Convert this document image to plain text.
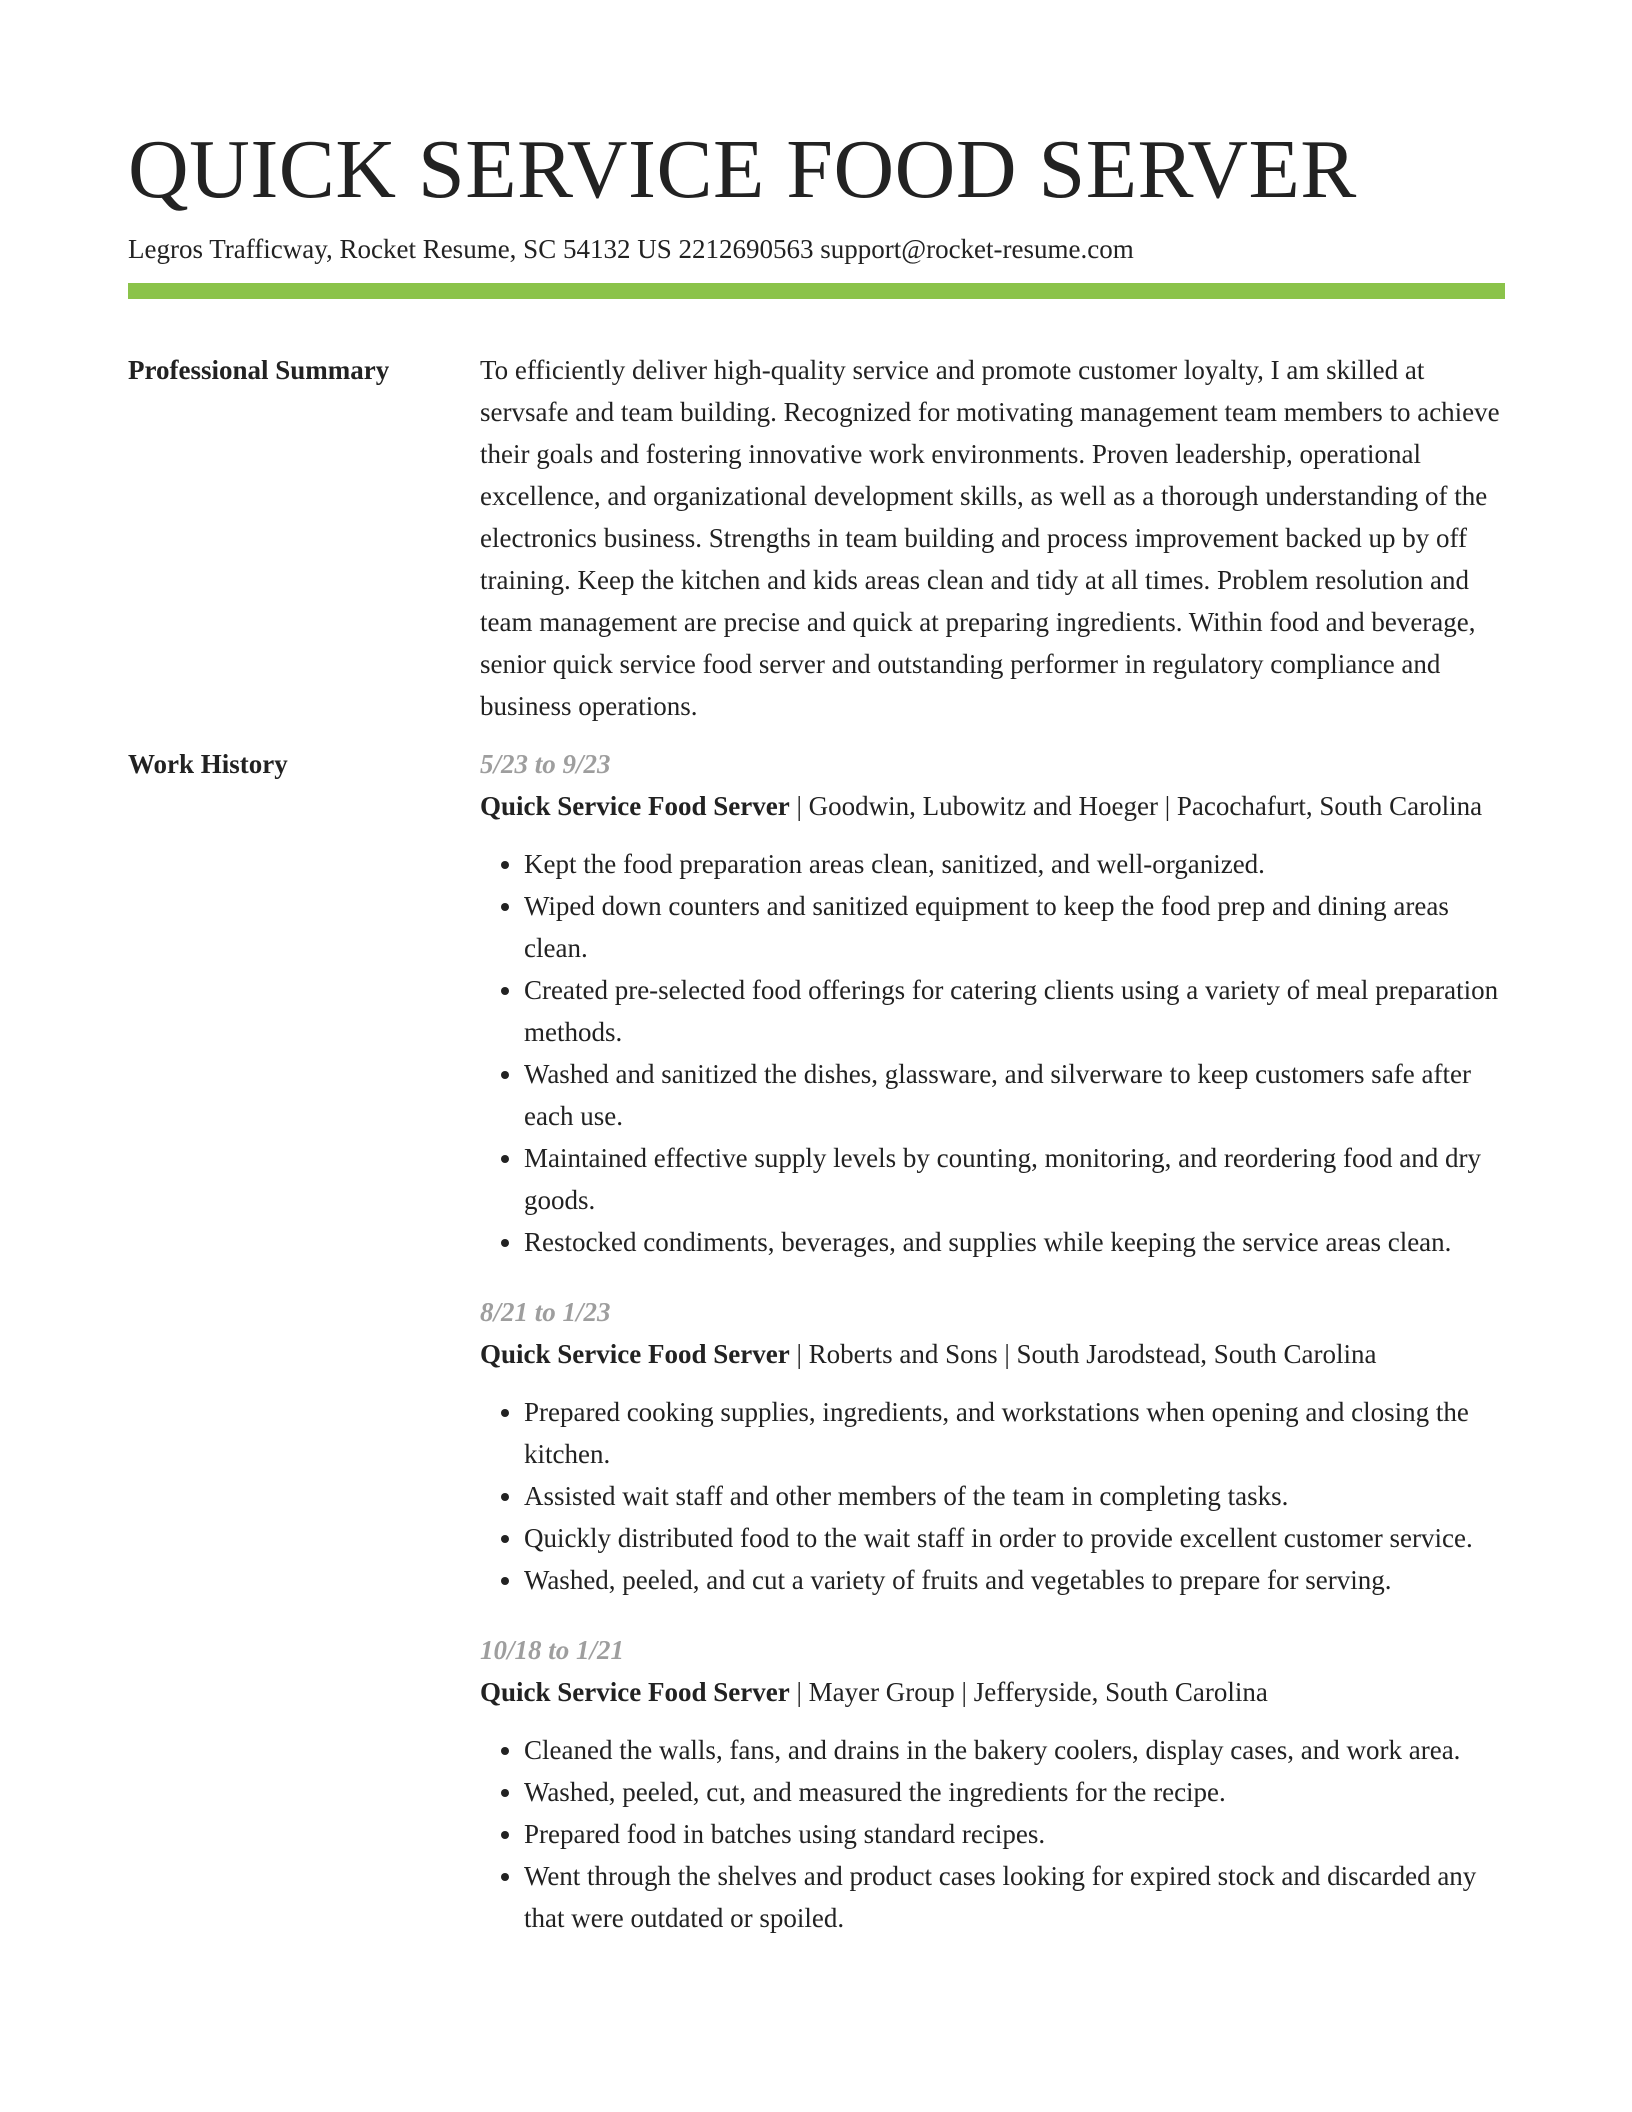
QUICK SERVICE FOOD SERVER
Legros Trafficway, Rocket Resume, SC 54132 US 2212690563 support@rocket-resume.com
Professional Summary	To efficiently deliver high-quality service and promote customer loyalty, I am skilled at servsafe and team building. Recognized for motivating management team members to achieve their goals and fostering innovative work environments. Proven leadership, operational excellence, and organizational development skills, as well as a thorough understanding of the electronics business. Strengths in team building and process improvement backed up by off training. Keep the kitchen and kids areas clean and tidy at all times. Problem resolution and team management are precise and quick at preparing ingredients. Within food and beverage, senior quick service food server and outstanding performer in regulatory compliance and business operations.

Work History	5/23 to 9/23

Quick Service Food Server | Goodwin, Lubowitz and Hoeger | Pacochafurt, South Carolina

• Kept the food preparation areas clean, sanitized, and well-organized.
• Wiped down counters and sanitized equipment to keep the food prep and dining areas clean.
• Created pre-selected food offerings for catering clients using a variety of meal preparation methods.
• Washed and sanitized the dishes, glassware, and silverware to keep customers safe after each use.
• Maintained effective supply levels by counting, monitoring, and reordering food and dry goods.
• Restocked condiments, beverages, and supplies while keeping the service areas clean.
8/21 to 1/23

Quick Service Food Server | Roberts and Sons | South Jarodstead, South Carolina

• Prepared cooking supplies, ingredients, and workstations when opening and closing the kitchen.
• Assisted wait staff and other members of the team in completing tasks.
• Quickly distributed food to the wait staff in order to provide excellent customer service.
• Washed, peeled, and cut a variety of fruits and vegetables to prepare for serving.
10/18 to 1/21

Quick Service Food Server | Mayer Group | Jefferyside, South Carolina

• Cleaned the walls, fans, and drains in the bakery coolers, display cases, and work area.
• Washed, peeled, cut, and measured the ingredients for the recipe.
• Prepared food in batches using standard recipes.
• Went through the shelves and product cases looking for expired stock and discarded any that were outdated or spoiled.
